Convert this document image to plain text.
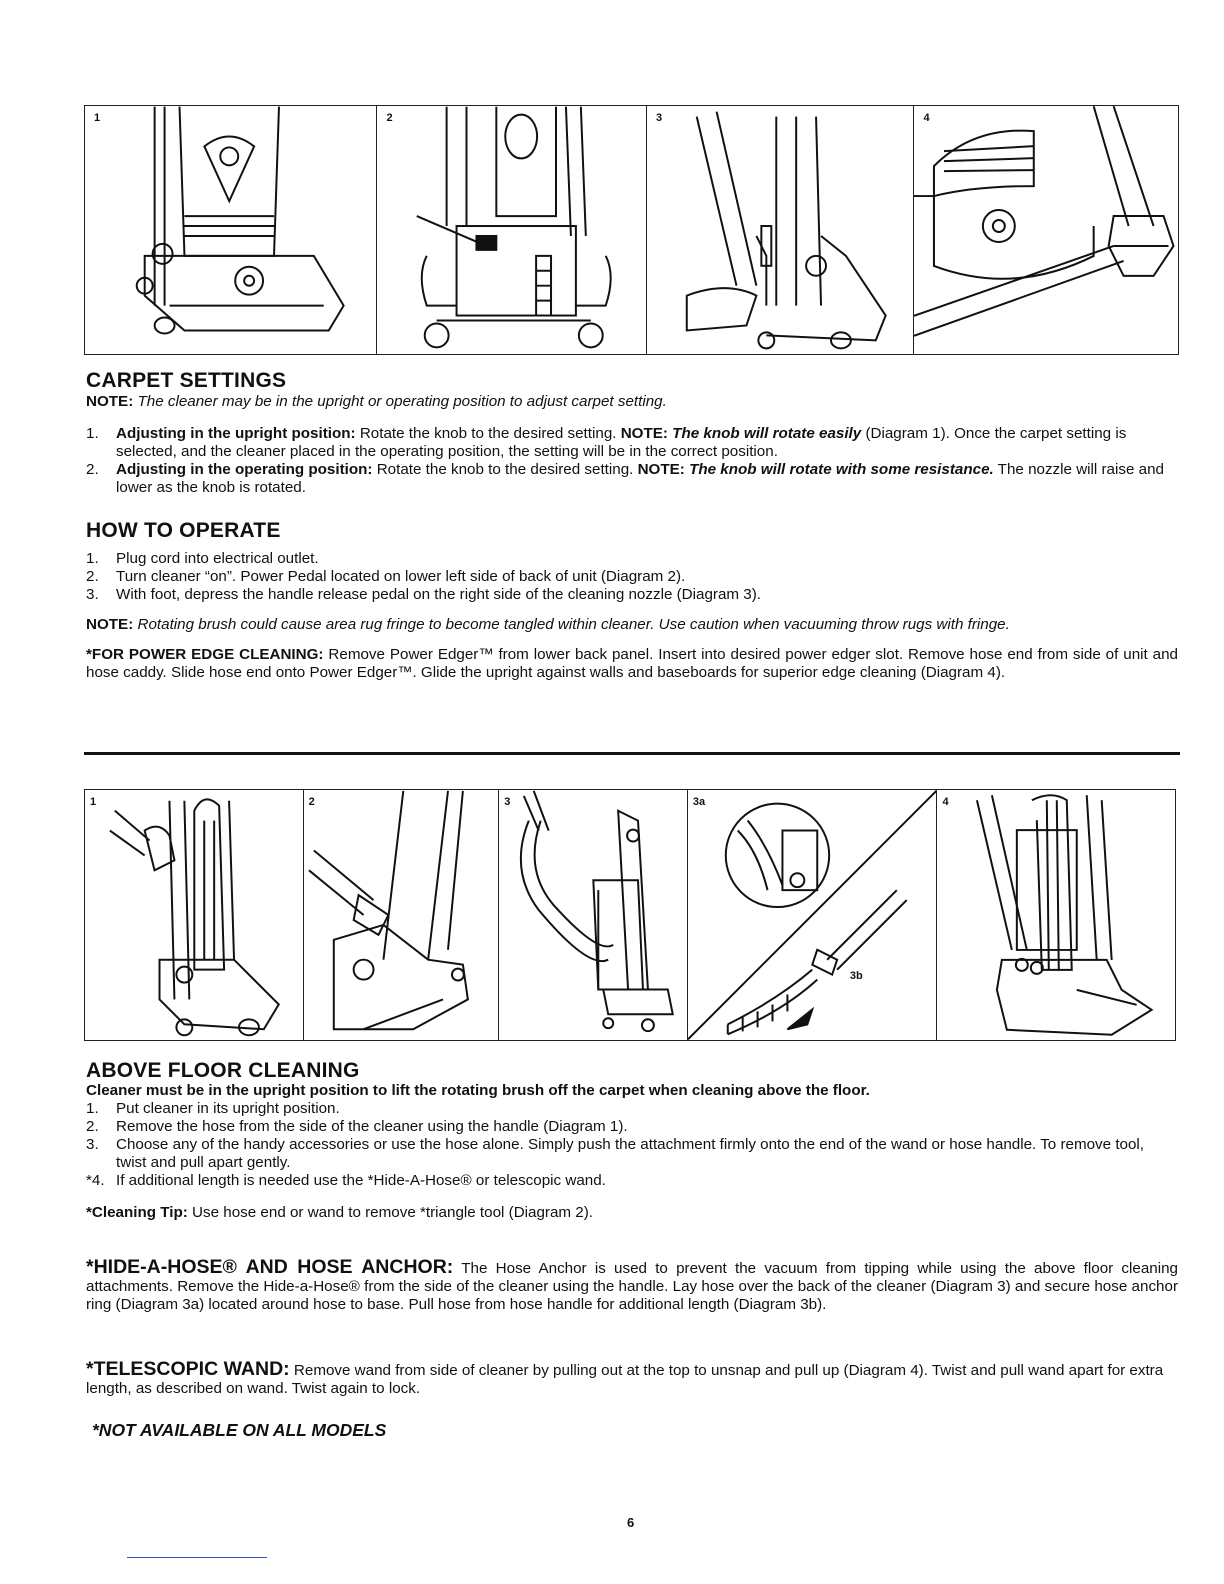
1	2	3	4
CARPET SETTINGS
NOTE: The cleaner may be in the upright or operating position to adjust carpet setting.
1. Adjusting in the upright position: Rotate the knob to the desired setting. NOTE: The knob will rotate easily (Diagram 1). Once the carpet setting is selected, and the cleaner placed in the operating position, the setting will be in the correct position.
2. Adjusting in the operating position: Rotate the knob to the desired setting. NOTE: The knob will rotate with some resistance. The nozzle will raise and lower as the knob is rotated.
HOW TO OPERATE
1. Plug cord into electrical outlet.
2. Turn cleaner “on”. Power Pedal located on lower left side of back of unit (Diagram 2).
3. With foot, depress the handle release pedal on the right side of the cleaning nozzle (Diagram 3).
NOTE: Rotating brush could cause area rug fringe to become tangled within cleaner. Use caution when vacuuming throw rugs with fringe.
*FOR POWER EDGE CLEANING: Remove Power Edger™ from lower back panel. Insert into desired power edger slot. Remove hose end from side of unit and hose caddy. Slide hose end onto Power Edger™. Glide the upright against walls and baseboards for superior edge cleaning (Diagram 4).
1	2	3	3a
3b
4
ABOVE FLOOR CLEANING
Cleaner must be in the upright position to lift the rotating brush off the carpet when cleaning above the floor.
1. Put cleaner in its upright position.
2. Remove the hose from the side of the cleaner using the handle (Diagram 1).
3. Choose any of the handy accessories or use the hose alone. Simply push the attachment firmly onto the end of the wand or hose handle. To remove tool, twist and pull apart gently.
*4. If additional length is needed use the *Hide-A-Hose® or telescopic wand.
*Cleaning Tip: Use hose end or wand to remove *triangle tool (Diagram 2).
*HIDE-A-HOSE® AND HOSE ANCHOR: The Hose Anchor is used to prevent the vacuum from tipping while using the above floor cleaning attachments. Remove the Hide-a-Hose® from the side of the cleaner using the handle. Lay hose over the back of the cleaner (Diagram 3) and secure hose anchor ring (Diagram 3a) located around hose to base. Pull hose from hose handle for additional length (Diagram 3b).
*TELESCOPIC WAND: Remove wand from side of cleaner by pulling out at the top to unsnap and pull up (Diagram 4). Twist and pull wand apart for extra length, as described on wand. Twist again to lock.
*NOT AVAILABLE ON ALL MODELS
6
